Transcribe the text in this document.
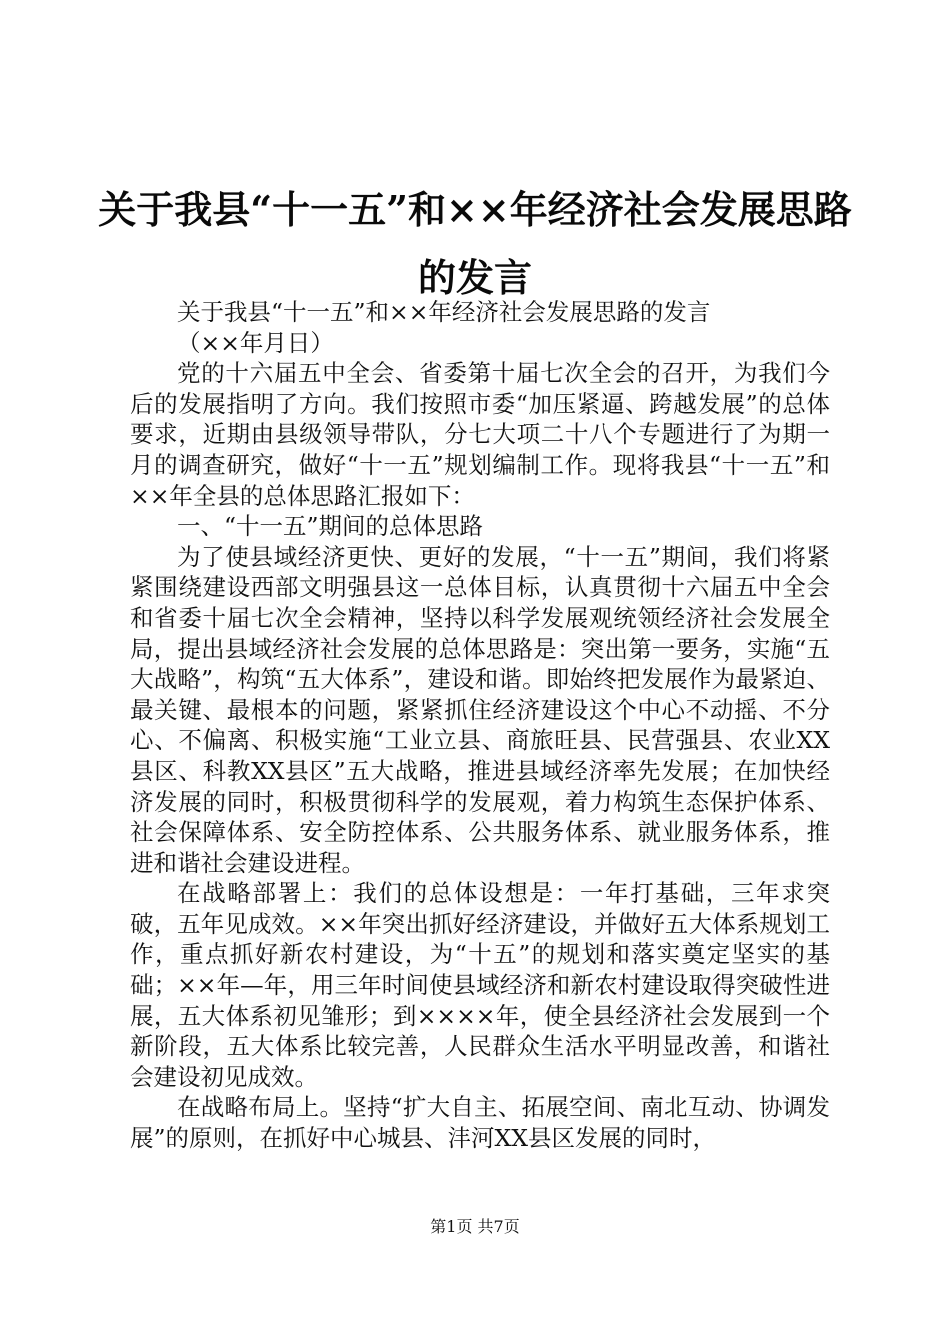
关于我县“十一五”和××年经济社会发展思路的发言

关于我县“十一五”和××年经济社会发展思路的发言

（××年月日）

党的十六届五中全会、省委第十届七次全会的召开，为我们今后的发展指明了方向。我们按照市委“加压紧逼、跨越发展”的总体要求，近期由县级领导带队，分七大项二十八个专题进行了为期一月的调查研究，做好“十一五”规划编制工作。现将我县“十一五”和××年全县的总体思路汇报如下：

一、“十一五”期间的总体思路

为了使县域经济更快、更好的发展，“十一五”期间，我们将紧紧围绕建设西部文明强县这一总体目标，认真贯彻十六届五中全会和省委十届七次全会精神，坚持以科学发展观统领经济社会发展全局，提出县域经济社会发展的总体思路是：突出第一要务，实施“五大战略”，构筑“五大体系”，建设和谐。即始终把发展作为最紧迫、最关键、最根本的问题，紧紧抓住经济建设这个中心不动摇、不分心、不偏离、积极实施“工业立县、商旅旺县、民营强县、农业XX县区、科教XX县区”五大战略，推进县域经济率先发展；在加快经济发展的同时，积极贯彻科学的发展观，着力构筑生态保护体系、社会保障体系、安全防控体系、公共服务体系、就业服务体系，推进和谐社会建设进程。

在战略部署上：我们的总体设想是：一年打基础，三年求突破，五年见成效。××年突出抓好经济建设，并做好五大体系规划工作，重点抓好新农村建设，为“十五”的规划和落实奠定坚实的基础；××年—年，用三年时间使县域经济和新农村建设取得突破性进展，五大体系初见雏形；到××××年，使全县经济社会发展到一个新阶段，五大体系比较完善，人民群众生活水平明显改善，和谐社会建设初见成效。

在战略布局上。坚持“扩大自主、拓展空间、南北互动、协调发展”的原则，在抓好中心城县、沣河XX县区发展的同时，

第1页 共7页
